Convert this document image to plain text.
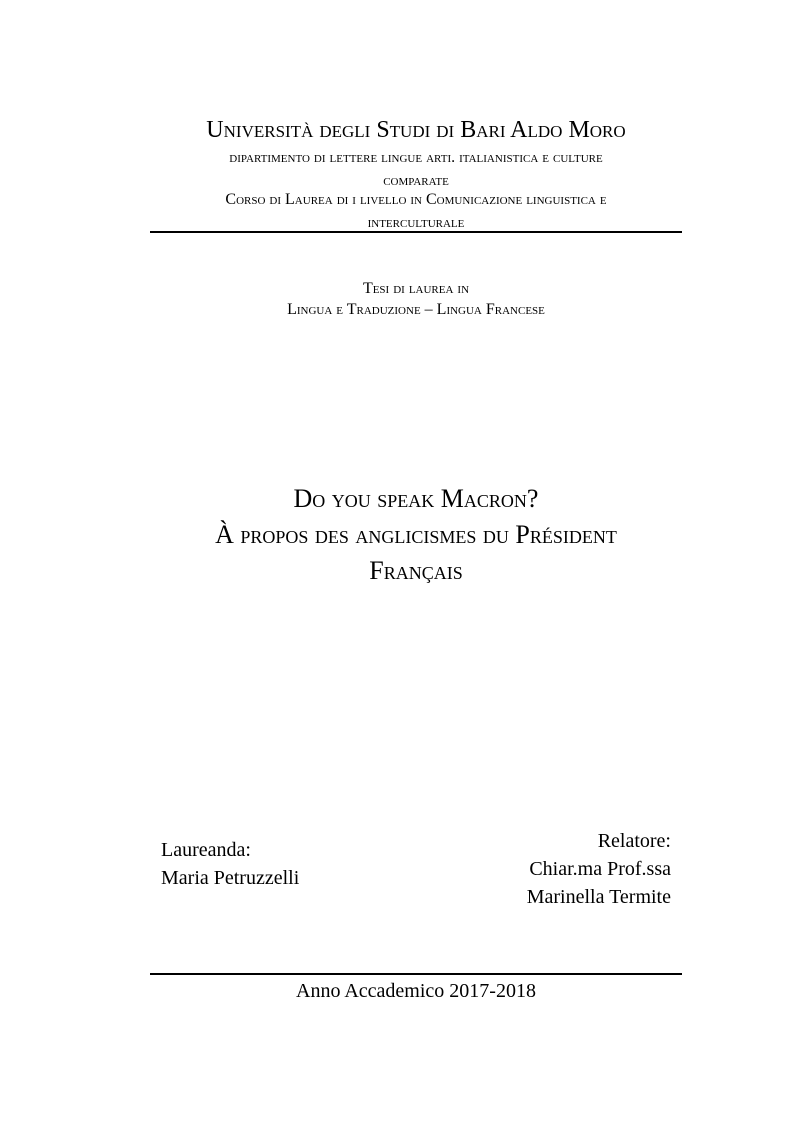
Università degli Studi di Bari Aldo Moro
dipartimento di lettere lingue arti. italianistica e culture
comparate
Corso di Laurea di i livello in Comunicazione linguistica e
interculturale
Tesi di laurea in
Lingua e Traduzione – Lingua Francese
Do you speak Macron?
À propos des anglicismes du Président
Français
Laureanda:
Maria Petruzzelli
Relatore:
Chiar.ma Prof.ssa
Marinella Termite
Anno Accademico 2017-2018
